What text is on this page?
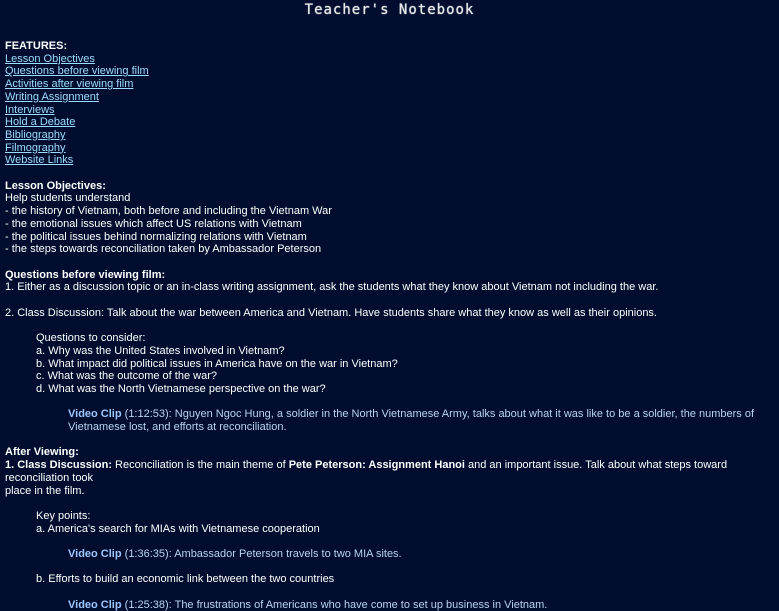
Teacher's Notebook
FEATURES:
Lesson Objectives
Questions before viewing film
Activities after viewing film
Writing Assignment
Interviews
Hold a Debate
Bibliography
Filmography
Website Links
Lesson Objectives:
Help students understand
- the history of Vietnam, both before and including the Vietnam War
- the emotional issues which affect US relations with Vietnam
- the political issues behind normalizing relations with Vietnam
- the steps towards reconciliation taken by Ambassador Peterson
Questions before viewing film:
1. Either as a discussion topic or an in-class writing assignment, ask the students what they know about Vietnam not including the war.
2. Class Discussion: Talk about the war between America and Vietnam. Have students share what they know as well as their opinions.
Questions to consider:
a. Why was the United States involved in Vietnam?
b. What impact did political issues in America have on the war in Vietnam?
c. What was the outcome of the war?
d. What was the North Vietnamese perspective on the war?
Video Clip (1:12:53): Nguyen Ngoc Hung, a soldier in the North Vietnamese Army, talks about what it was like to be a soldier, the numbers of
Vietnamese lost, and efforts at reconciliation.
After Viewing:
1. Class Discussion: Reconciliation is the main theme of Pete Peterson: Assignment Hanoi and an important issue. Talk about what steps toward reconciliation took
place in the film.
Key points:
a. America's search for MIAs with Vietnamese cooperation
Video Clip (1:36:35): Ambassador Peterson travels to two MIA sites.
b. Efforts to build an economic link between the two countries
Video Clip (1:25:38): The frustrations of Americans who have come to set up business in Vietnam.
